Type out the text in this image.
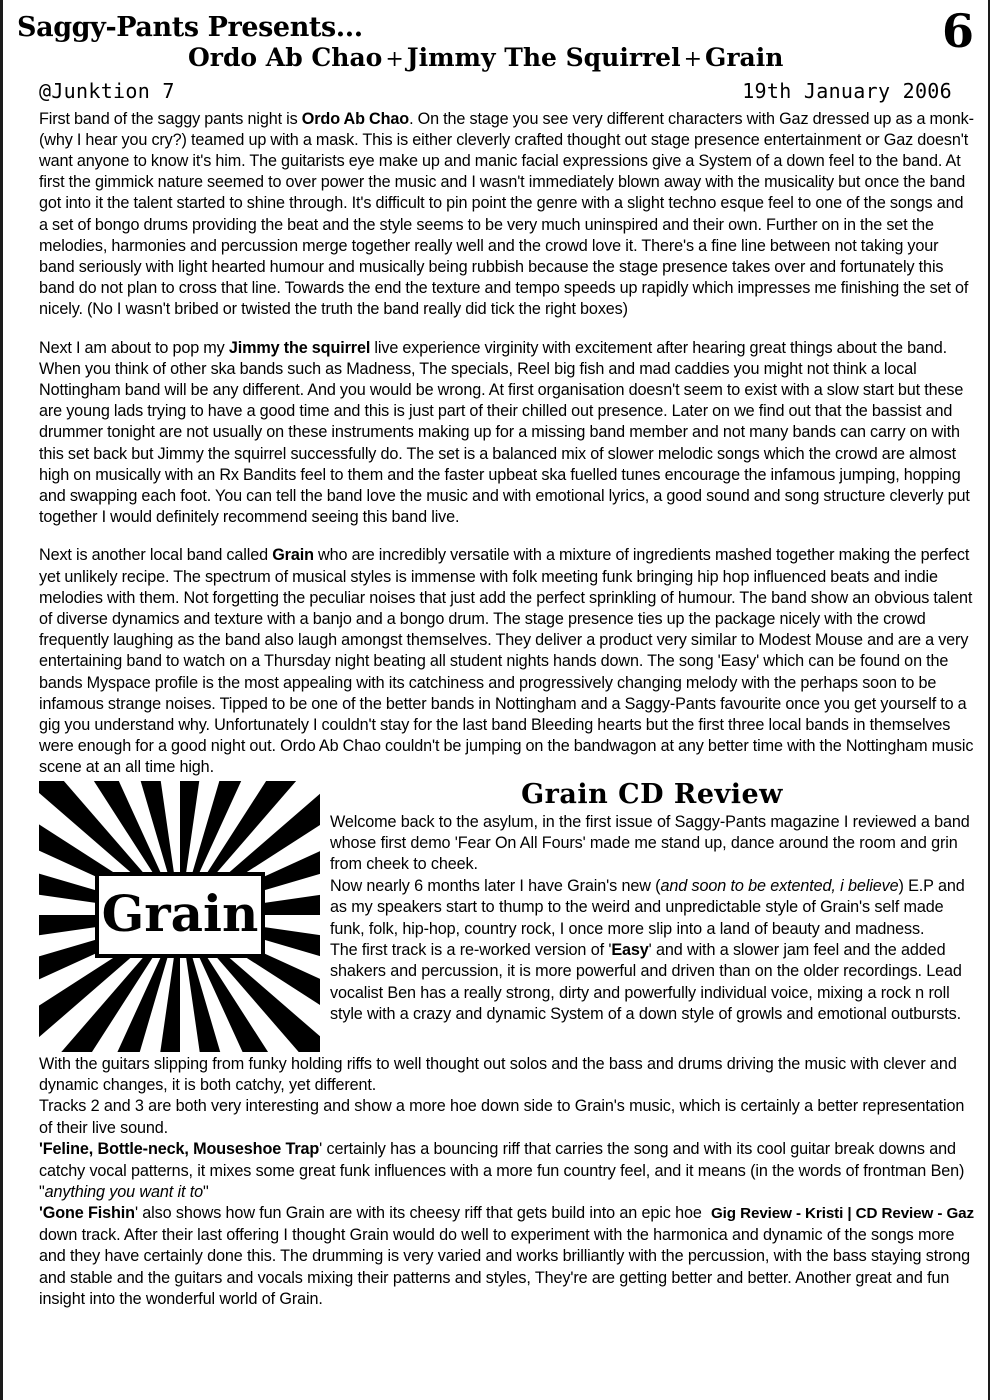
6
Saggy-Pants Presents...
Ordo Ab Chao + Jimmy The Squirrel + Grain
@Junktion 7	19th January 2006

First band of the saggy pants night is Ordo Ab Chao. On the stage you see very different characters with Gaz dressed up as a monk- (why I hear you cry?) teamed up with a mask. This is either cleverly crafted thought out stage presence entertainment or Gaz doesn't want anyone to know it's him. The guitarists eye make up and manic facial expressions give a System of a down feel to the band. At first the gimmick nature seemed to over power the music and I wasn't immediately blown away with the musicality but once the band got into it the talent started to shine through. It's difficult to pin point the genre with a slight techno esque feel to one of the songs and a set of bongo drums providing the beat and the style seems to be very much uninspired and their own. Further on in the set the melodies, harmonies and percussion merge together really well and the crowd love it. There's a fine line between not taking your band seriously with light hearted humour and musically being rubbish because the stage presence takes over and fortunately this band do not plan to cross that line. Towards the end the texture and tempo speeds up rapidly which impresses me finishing the set of nicely. (No I wasn't bribed or twisted the truth the band really did tick the right boxes)

Next I am about to pop my Jimmy the squirrel live experience virginity with excitement after hearing great things about the band. When you think of other ska bands such as Madness, The specials, Reel big fish and mad caddies you might not think a local Nottingham band will be any different. And you would be wrong. At first organisation doesn't seem to exist with a slow start but these are young lads trying to have a good time and this is just part of their chilled out presence. Later on we find out that the bassist and drummer tonight are not usually on these instruments making up for a missing band member and not many bands can carry on with this set back but Jimmy the squirrel successfully do. The set is a balanced mix of slower melodic songs which the crowd are almost high on musically with an Rx Bandits feel to them and the faster upbeat ska fuelled tunes encourage the infamous jumping, hopping and swapping each foot. You can tell the band love the music and with emotional lyrics, a good sound and song structure cleverly put together I would definitely recommend seeing this band live.

Next is another local band called Grain who are incredibly versatile with a mixture of ingredients mashed together making the perfect yet unlikely recipe. The spectrum of musical styles is immense with folk meeting funk bringing hip hop influenced beats and indie melodies with them. Not forgetting the peculiar noises that just add the perfect sprinkling of humour. The band show an obvious talent of diverse dynamics and texture with a banjo and a bongo drum. The stage presence ties up the package nicely with the crowd frequently laughing as the band also laugh amongst themselves. They deliver a product very similar to Modest Mouse and are a very entertaining band to watch on a Thursday night beating all student nights hands down. The song 'Easy' which can be found on the bands Myspace profile is the most appealing with its catchiness and progressively changing melody with the perhaps soon to be infamous strange noises. Tipped to be one of the better bands in Nottingham and a Saggy-Pants favourite once you get yourself to a gig you understand why. Unfortunately I couldn't stay for the last band Bleeding hearts but the first three local bands in themselves were enough for a good night out. Ordo Ab Chao couldn't be jumping on the bandwagon at any better time with the Nottingham music scene at an all time high.

Grain
Grain CD Review

Welcome back to the asylum, in the first issue of Saggy-Pants magazine I reviewed a band whose first demo 'Fear On All Fours' made me stand up, dance around the room and grin from cheek to cheek.

Now nearly 6 months later I have Grain's new (and soon to be extented, i believe) E.P and as my speakers start to thump to the weird and unpredictable style of Grain's self made funk, folk, hip-hop, country rock, I once more slip into a land of beauty and madness.

The first track is a re-worked version of 'Easy' and with a slower jam feel and the added shakers and percussion, it is more powerful and driven than on the older recordings. Lead vocalist Ben has a really strong, dirty and powerfully individual voice, mixing a rock n roll style with a crazy and dynamic System of a down style of growls and emotional outbursts.

With the guitars slipping from funky holding riffs to well thought out solos and the bass and drums driving the music with clever and dynamic changes, it is both catchy, yet different.

Tracks 2 and 3 are both very interesting and show a more hoe down side to Grain's music, which is certainly a better representation of their live sound.

'Feline, Bottle-neck, Mouseshoe Trap' certainly has a bouncing riff that carries the song and with its cool guitar break downs and catchy vocal patterns, it mixes some great funk influences with a more fun country feel, and it means (in the words of frontman Ben) "anything you want it to"

Gig Review - Kristi | CD Review - Gaz
'Gone Fishin' also shows how fun Grain are with its cheesy riff that gets build into an epic hoe down track. After their last offering I thought Grain would do well to experiment with the harmonica and dynamic of the songs more and they have certainly done this. The drumming is very varied and works brilliantly with the percussion, with the bass staying strong and stable and the guitars and vocals mixing their patterns and styles, They're are getting better and better. Another great and fun insight into the wonderful world of Grain.
